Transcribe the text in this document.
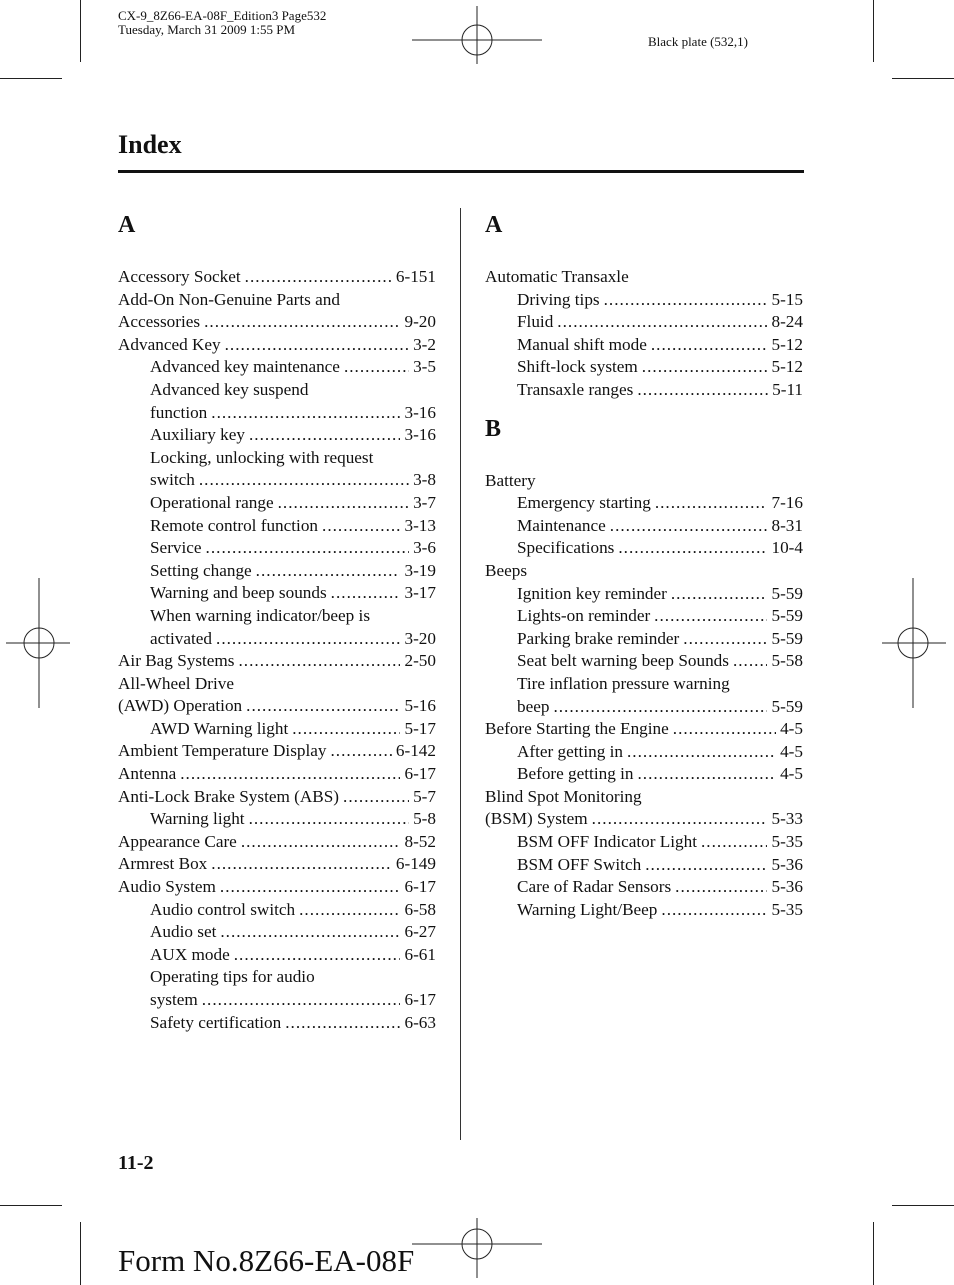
CX-9_8Z66-EA-08F_Edition3 Page532
Tuesday, March 31 2009 1:55 PM
Black plate (532,1)
Index
A
Accessory Socket .....	6-151
Add-On Non-Genuine Parts and
Accessories .....	9-20
Advanced Key .....	3-2
Advanced key maintenance .....	3-5
Advanced key suspend
function .....	3-16
Auxiliary key .....	3-16
Locking, unlocking with request
switch .....	3-8
Operational range .....	3-7
Remote control function .....	3-13
Service .....	3-6
Setting change .....	3-19
Warning and beep sounds .....	3-17
When warning indicator/beep is
activated .....	3-20
Air Bag Systems .....	2-50
All-Wheel Drive
(AWD) Operation .....	5-16
AWD Warning light .....	5-17
Ambient Temperature Display .....	6-142
Antenna .....	6-17
Anti-Lock Brake System (ABS) .....	5-7
Warning light .....	5-8
Appearance Care .....	8-52
Armrest Box .....	6-149
Audio System .....	6-17
Audio control switch .....	6-58
Audio set .....	6-27
AUX mode .....	6-61
Operating tips for audio
system .....	6-17
Safety certification .....	6-63
A
Automatic Transaxle
Driving tips .....	5-15
Fluid .....	8-24
Manual shift mode .....	5-12
Shift-lock system .....	5-12
Transaxle ranges .....	5-11
B
Battery
Emergency starting .....	7-16
Maintenance .....	8-31
Specifications .....	10-4
Beeps
Ignition key reminder .....	5-59
Lights-on reminder .....	5-59
Parking brake reminder .....	5-59
Seat belt warning beep Sounds ..... 5-58
Tire inflation pressure warning
beep .....	5-59
Before Starting the Engine .....	4-5
After getting in .....	4-5
Before getting in .....	4-5
Blind Spot Monitoring
(BSM) System .....	5-33
BSM OFF Indicator Light .....	5-35
BSM OFF Switch .....	5-36
Care of Radar Sensors .....	5-36
Warning Light/Beep .....	5-35
11-2
Form No.8Z66-EA-08F
